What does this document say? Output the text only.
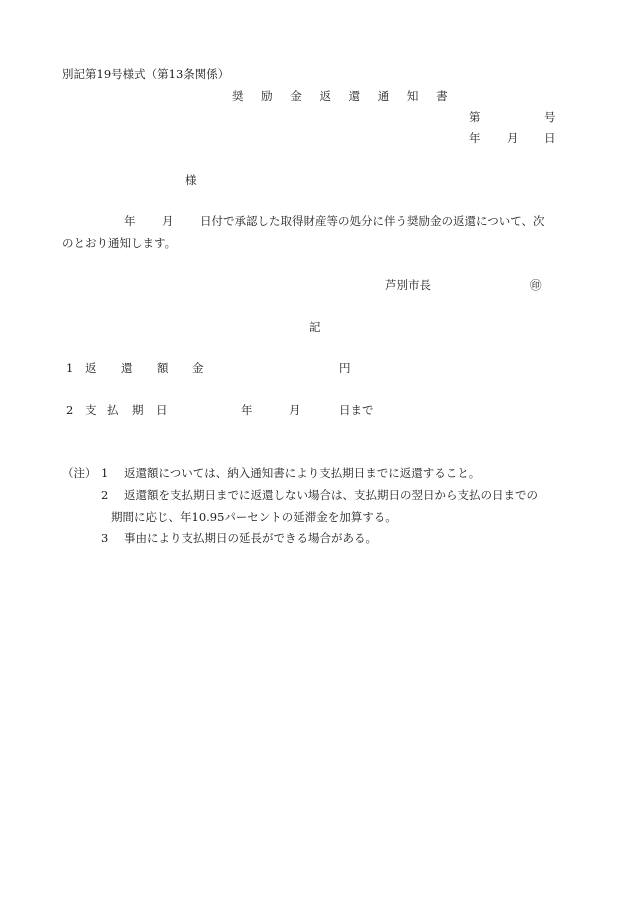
別記第19号様式（第13条関係）
奨 励 金 返 還 通 知 書
第	号
年 月 日
様
年 月 日付で承認した取得財産等の処分に伴う奨励金の返還について、次
のとおり通知します。
芦別市長	㊞
記
1 返 還 額 金	円
2 支 払 期 日	年	月	日まで
（注） 1 返還額については、納入通知書により支払期日までに返還すること。
2 返還額を支払期日までに返還しない場合は、支払期日の翌日から支払の日までの
期間に応じ、年10.95パーセントの延滞金を加算する。
3 事由により支払期日の延長ができる場合がある。
